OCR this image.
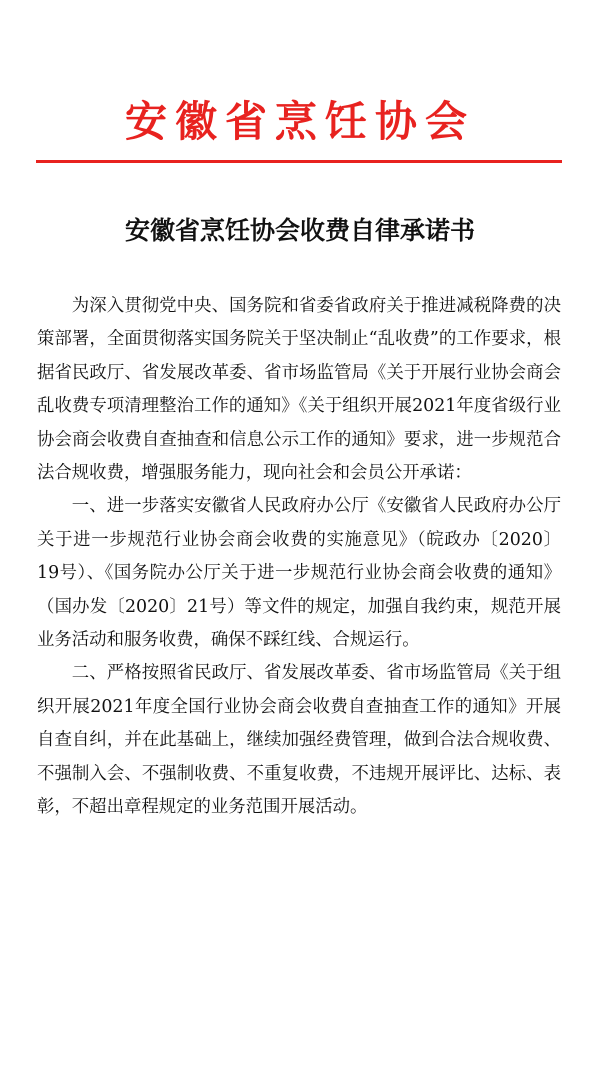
安徽省烹饪协会
安徽省烹饪协会收费自律承诺书

为深入贯彻党中央、国务院和省委省政府关于推进减税降费的决策部署，全面贯彻落实国务院关于坚决制止“乱收费”的工作要求，根据省民政厅、省发展改革委、省市场监管局《关于开展行业协会商会乱收费专项清理整治工作的通知》《关于组织开展2021年度省级行业协会商会收费自查抽查和信息公示工作的通知》要求，进一步规范合法合规收费，增强服务能力，现向社会和会员公开承诺：

一、进一步落实安徽省人民政府办公厅《安徽省人民政府办公厅关于进一步规范行业协会商会收费的实施意见》（皖政办〔2020〕19号）、《国务院办公厅关于进一步规范行业协会商会收费的通知》（国办发〔2020〕21号）等文件的规定，加强自我约束，规范开展业务活动和服务收费，确保不踩红线、合规运行。

二、严格按照省民政厅、省发展改革委、省市场监管局《关于组织开展2021年度全国行业协会商会收费自查抽查工作的通知》开展自查自纠，并在此基础上，继续加强经费管理，做到合法合规收费、不强制入会、不强制收费、不重复收费，不违规开展评比、达标、表彰，不超出章程规定的业务范围开展活动。
